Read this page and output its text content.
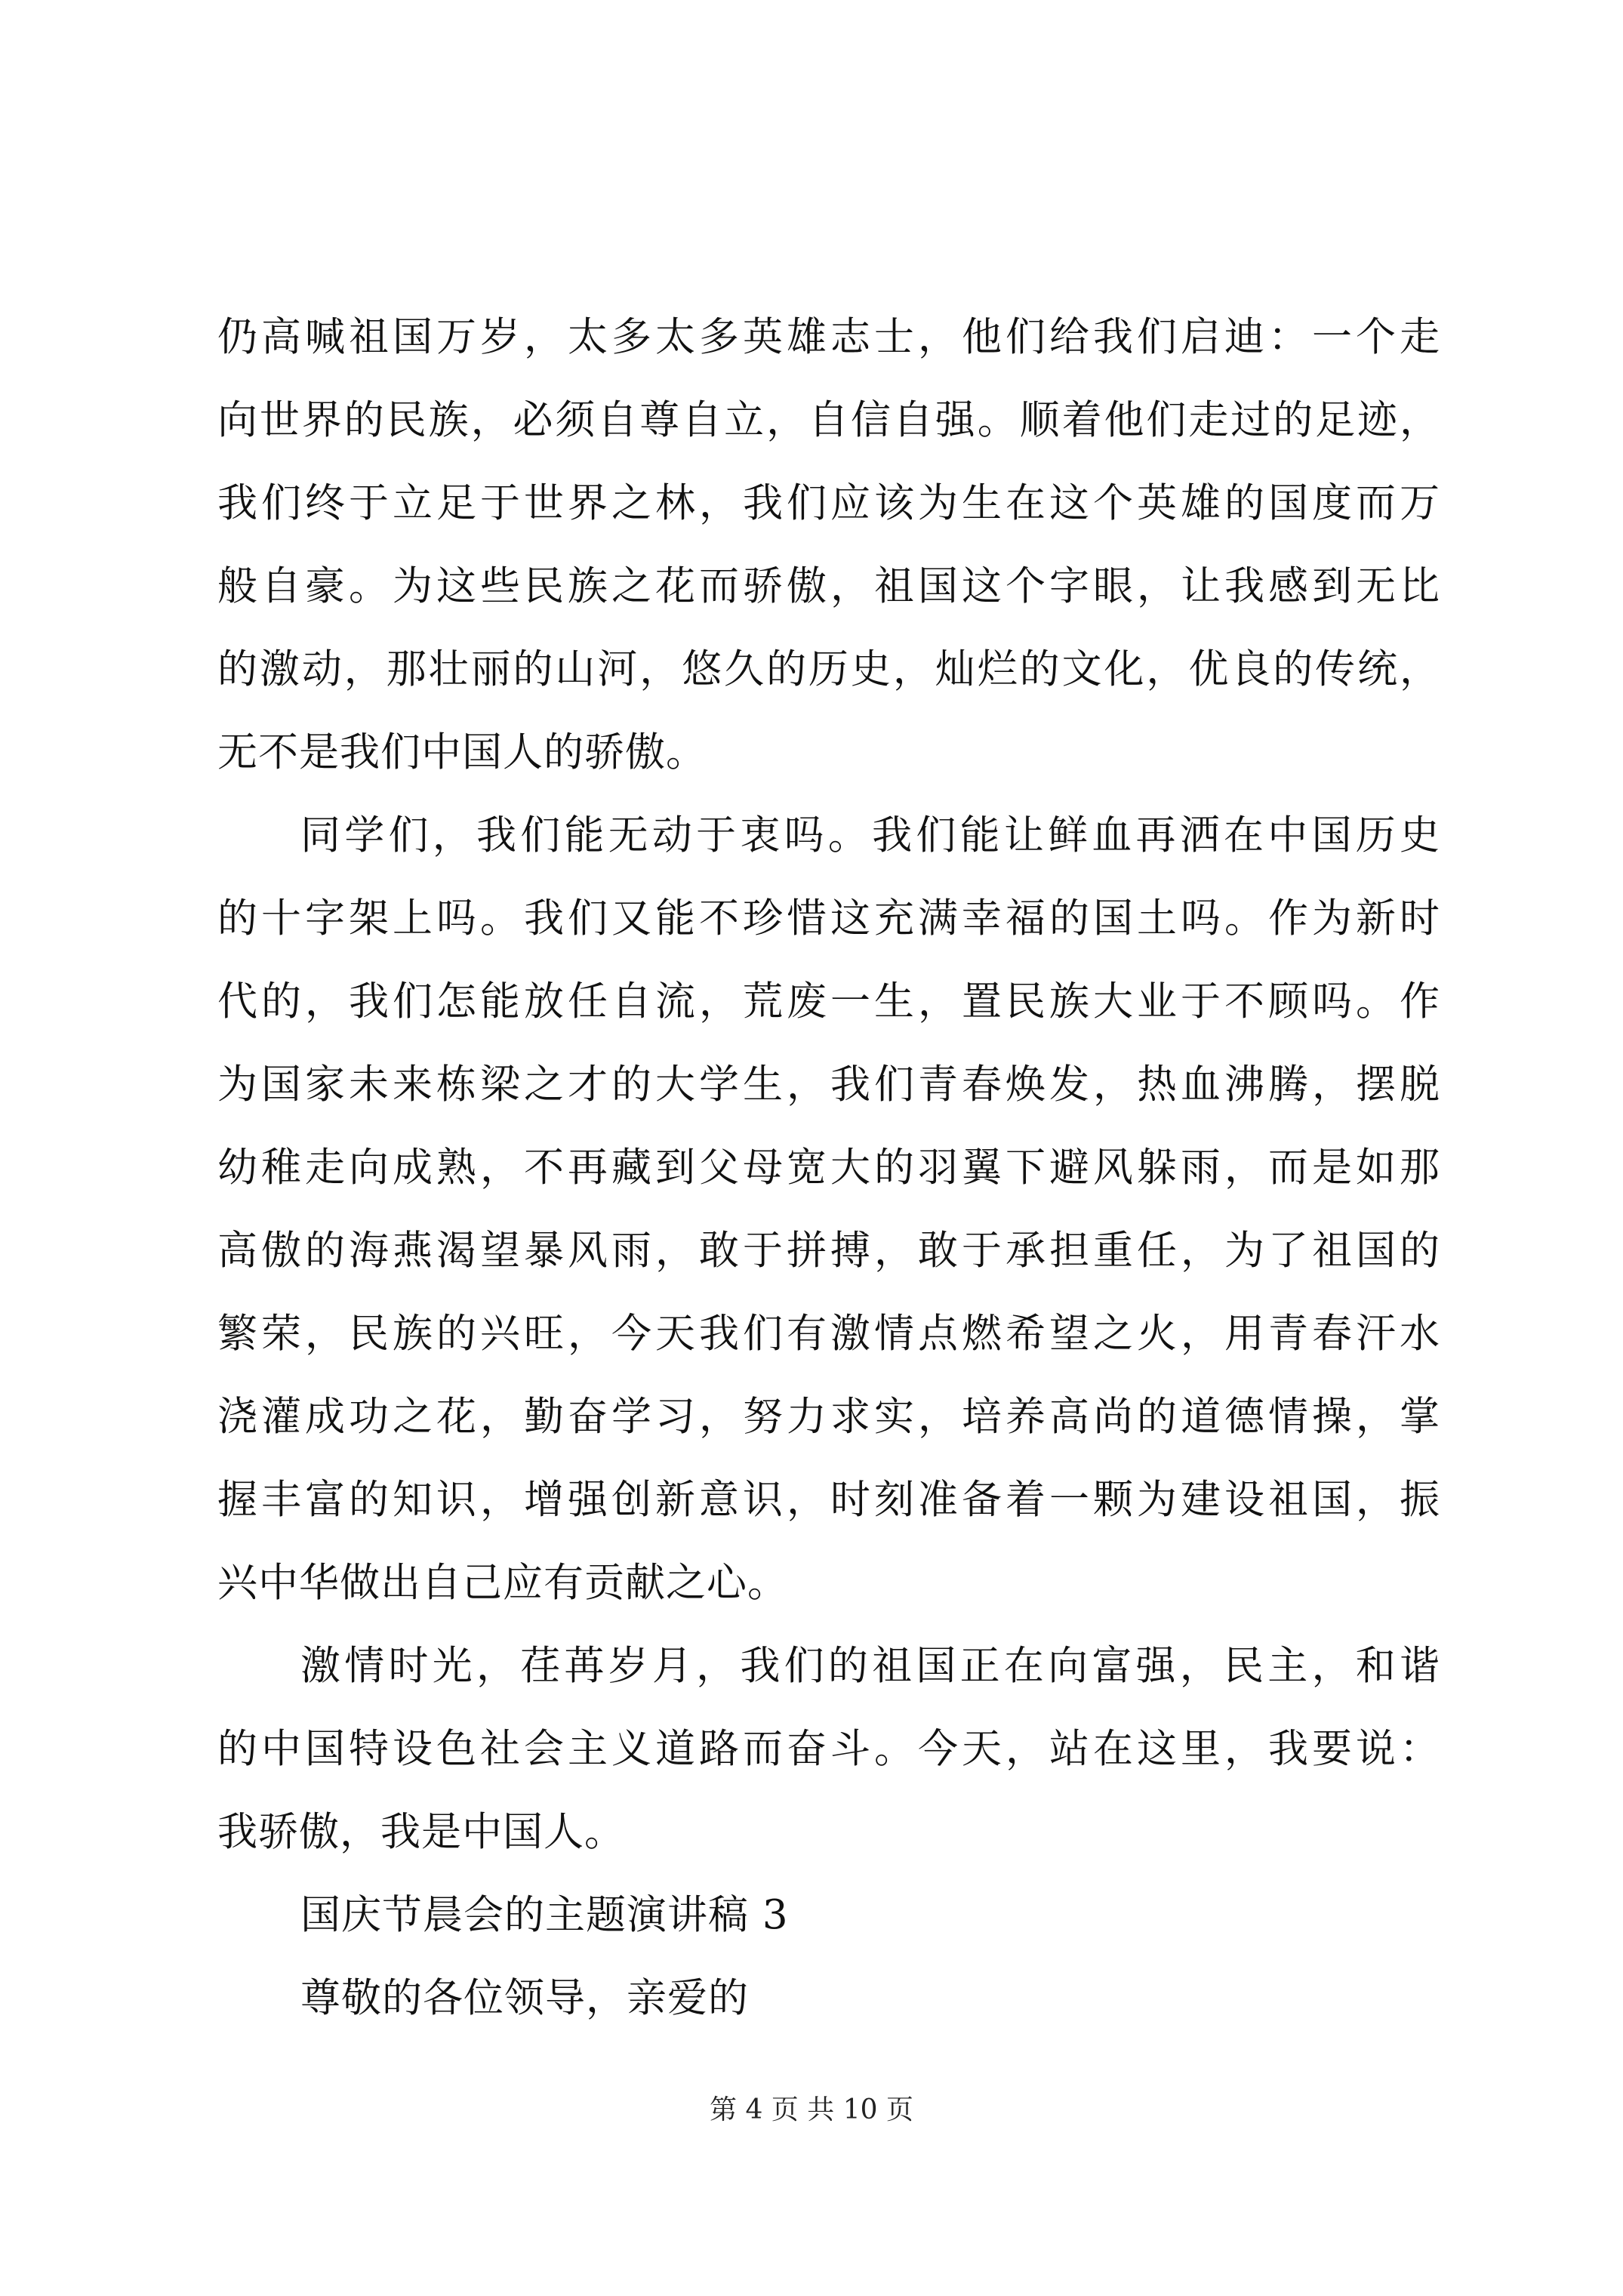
仍高喊祖国万岁，太多太多英雄志士，他们给我们启迪：一个走
向世界的民族，必须自尊自立，自信自强。顺着他们走过的足迹，
我们终于立足于世界之林，我们应该为生在这个英雄的国度而万
般自豪。为这些民族之花而骄傲，祖国这个字眼，让我感到无比
的激动，那壮丽的山河，悠久的历史，灿烂的文化，优良的传统，
无不是我们中国人的骄傲。
同学们，我们能无动于衷吗。我们能让鲜血再洒在中国历史
的十字架上吗。我们又能不珍惜这充满幸福的国土吗。作为新时
代的，我们怎能放任自流，荒废一生，置民族大业于不顾吗。作
为国家未来栋梁之才的大学生，我们青春焕发，热血沸腾，摆脱
幼稚走向成熟，不再藏到父母宽大的羽翼下避风躲雨，而是如那
高傲的海燕渴望暴风雨，敢于拼搏，敢于承担重任，为了祖国的
繁荣，民族的兴旺，今天我们有激情点燃希望之火，用青春汗水
浇灌成功之花，勤奋学习，努力求实，培养高尚的道德情操，掌
握丰富的知识，增强创新意识，时刻准备着一颗为建设祖国，振
兴中华做出自己应有贡献之心。
激情时光，荏苒岁月，我们的祖国正在向富强，民主，和谐
的中国特设色社会主义道路而奋斗。今天，站在这里，我要说：
我骄傲，我是中国人。
国庆节晨会的主题演讲稿 3
尊敬的各位领导，亲爱的
第 4 页 共 10 页
